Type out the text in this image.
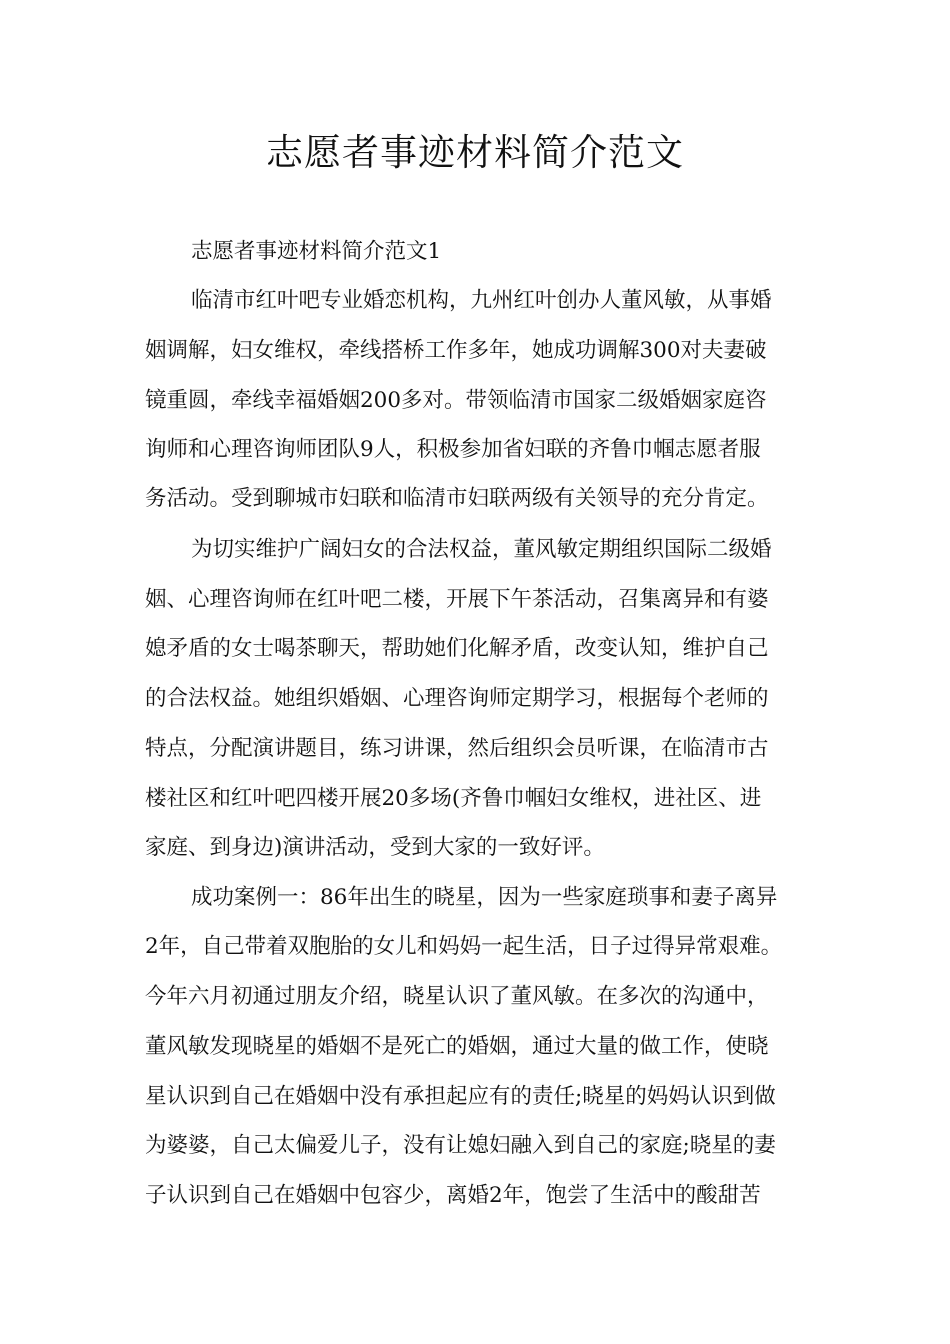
志愿者事迹材料简介范文

志愿者事迹材料简介范文1

临清市红叶吧专业婚恋机构，九州红叶创办人董风敏，从事婚

姻调解，妇女维权，牵线搭桥工作多年，她成功调解300对夫妻破

镜重圆，牵线幸福婚姻200多对。带领临清市国家二级婚姻家庭咨

询师和心理咨询师团队9人，积极参加省妇联的齐鲁巾帼志愿者服

务活动。受到聊城市妇联和临清市妇联两级有关领导的充分肯定。

为切实维护广阔妇女的合法权益，董风敏定期组织国际二级婚

姻、心理咨询师在红叶吧二楼，开展下午茶活动，召集离异和有婆

媳矛盾的女士喝茶聊天，帮助她们化解矛盾，改变认知，维护自己

的合法权益。她组织婚姻、心理咨询师定期学习，根据每个老师的

特点，分配演讲题目，练习讲课，然后组织会员听课，在临清市古

楼社区和红叶吧四楼开展20多场(齐鲁巾帼妇女维权，进社区、进

家庭、到身边)演讲活动，受到大家的一致好评。

成功案例一：86年出生的晓星，因为一些家庭琐事和妻子离异

2年，自己带着双胞胎的女儿和妈妈一起生活，日子过得异常艰难。

今年六月初通过朋友介绍，晓星认识了董风敏。在多次的沟通中，

董风敏发现晓星的婚姻不是死亡的婚姻，通过大量的做工作，使晓

星认识到自己在婚姻中没有承担起应有的责任;晓星的妈妈认识到做

为婆婆，自己太偏爱儿子，没有让媳妇融入到自己的家庭;晓星的妻

子认识到自己在婚姻中包容少，离婚2年，饱尝了生活中的酸甜苦
